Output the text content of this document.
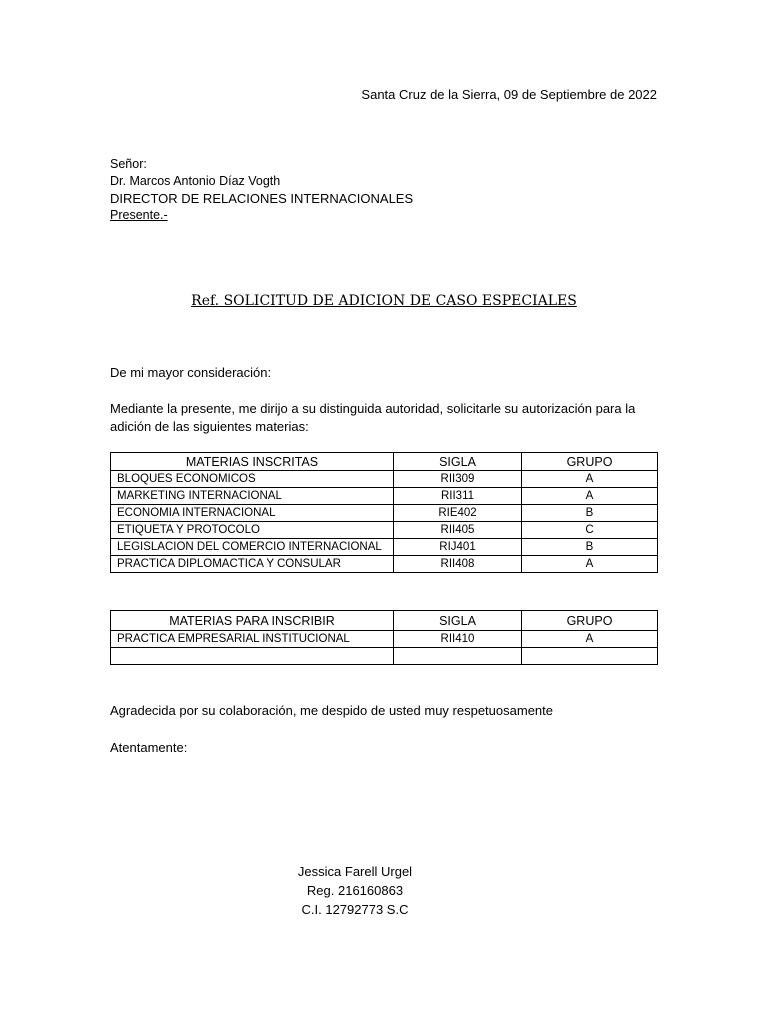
Santa Cruz de la Sierra, 09 de Septiembre de 2022
Señor:
Dr. Marcos Antonio Díaz Vogth
DIRECTOR DE RELACIONES INTERNACIONALES
Presente.-
Ref. SOLICITUD DE ADICION DE CASO ESPECIALES
De mi mayor consideración:
Mediante la presente, me dirijo a su distinguida autoridad, solicitarle su autorización para la adición de las siguientes materias:
MATERIAS INSCRITAS	SIGLA	GRUPO
BLOQUES ECONOMICOS	RII309	A
MARKETING INTERNACIONAL	RII311	A
ECONOMIA INTERNACIONAL	RIE402	B
ETIQUETA Y PROTOCOLO	RII405	C
LEGISLACION DEL COMERCIO INTERNACIONAL	RIJ401	B
PRACTICA DIPLOMACTICA Y CONSULAR	RII408	A
MATERIAS PARA INSCRIBIR	SIGLA	GRUPO
PRACTICA EMPRESARIAL INSTITUCIONAL	RII410	A

Agradecida por su colaboración, me despido de usted muy respetuosamente
Atentamente:
Jessica Farell Urgel
Reg. 216160863
C.I. 12792773 S.C
